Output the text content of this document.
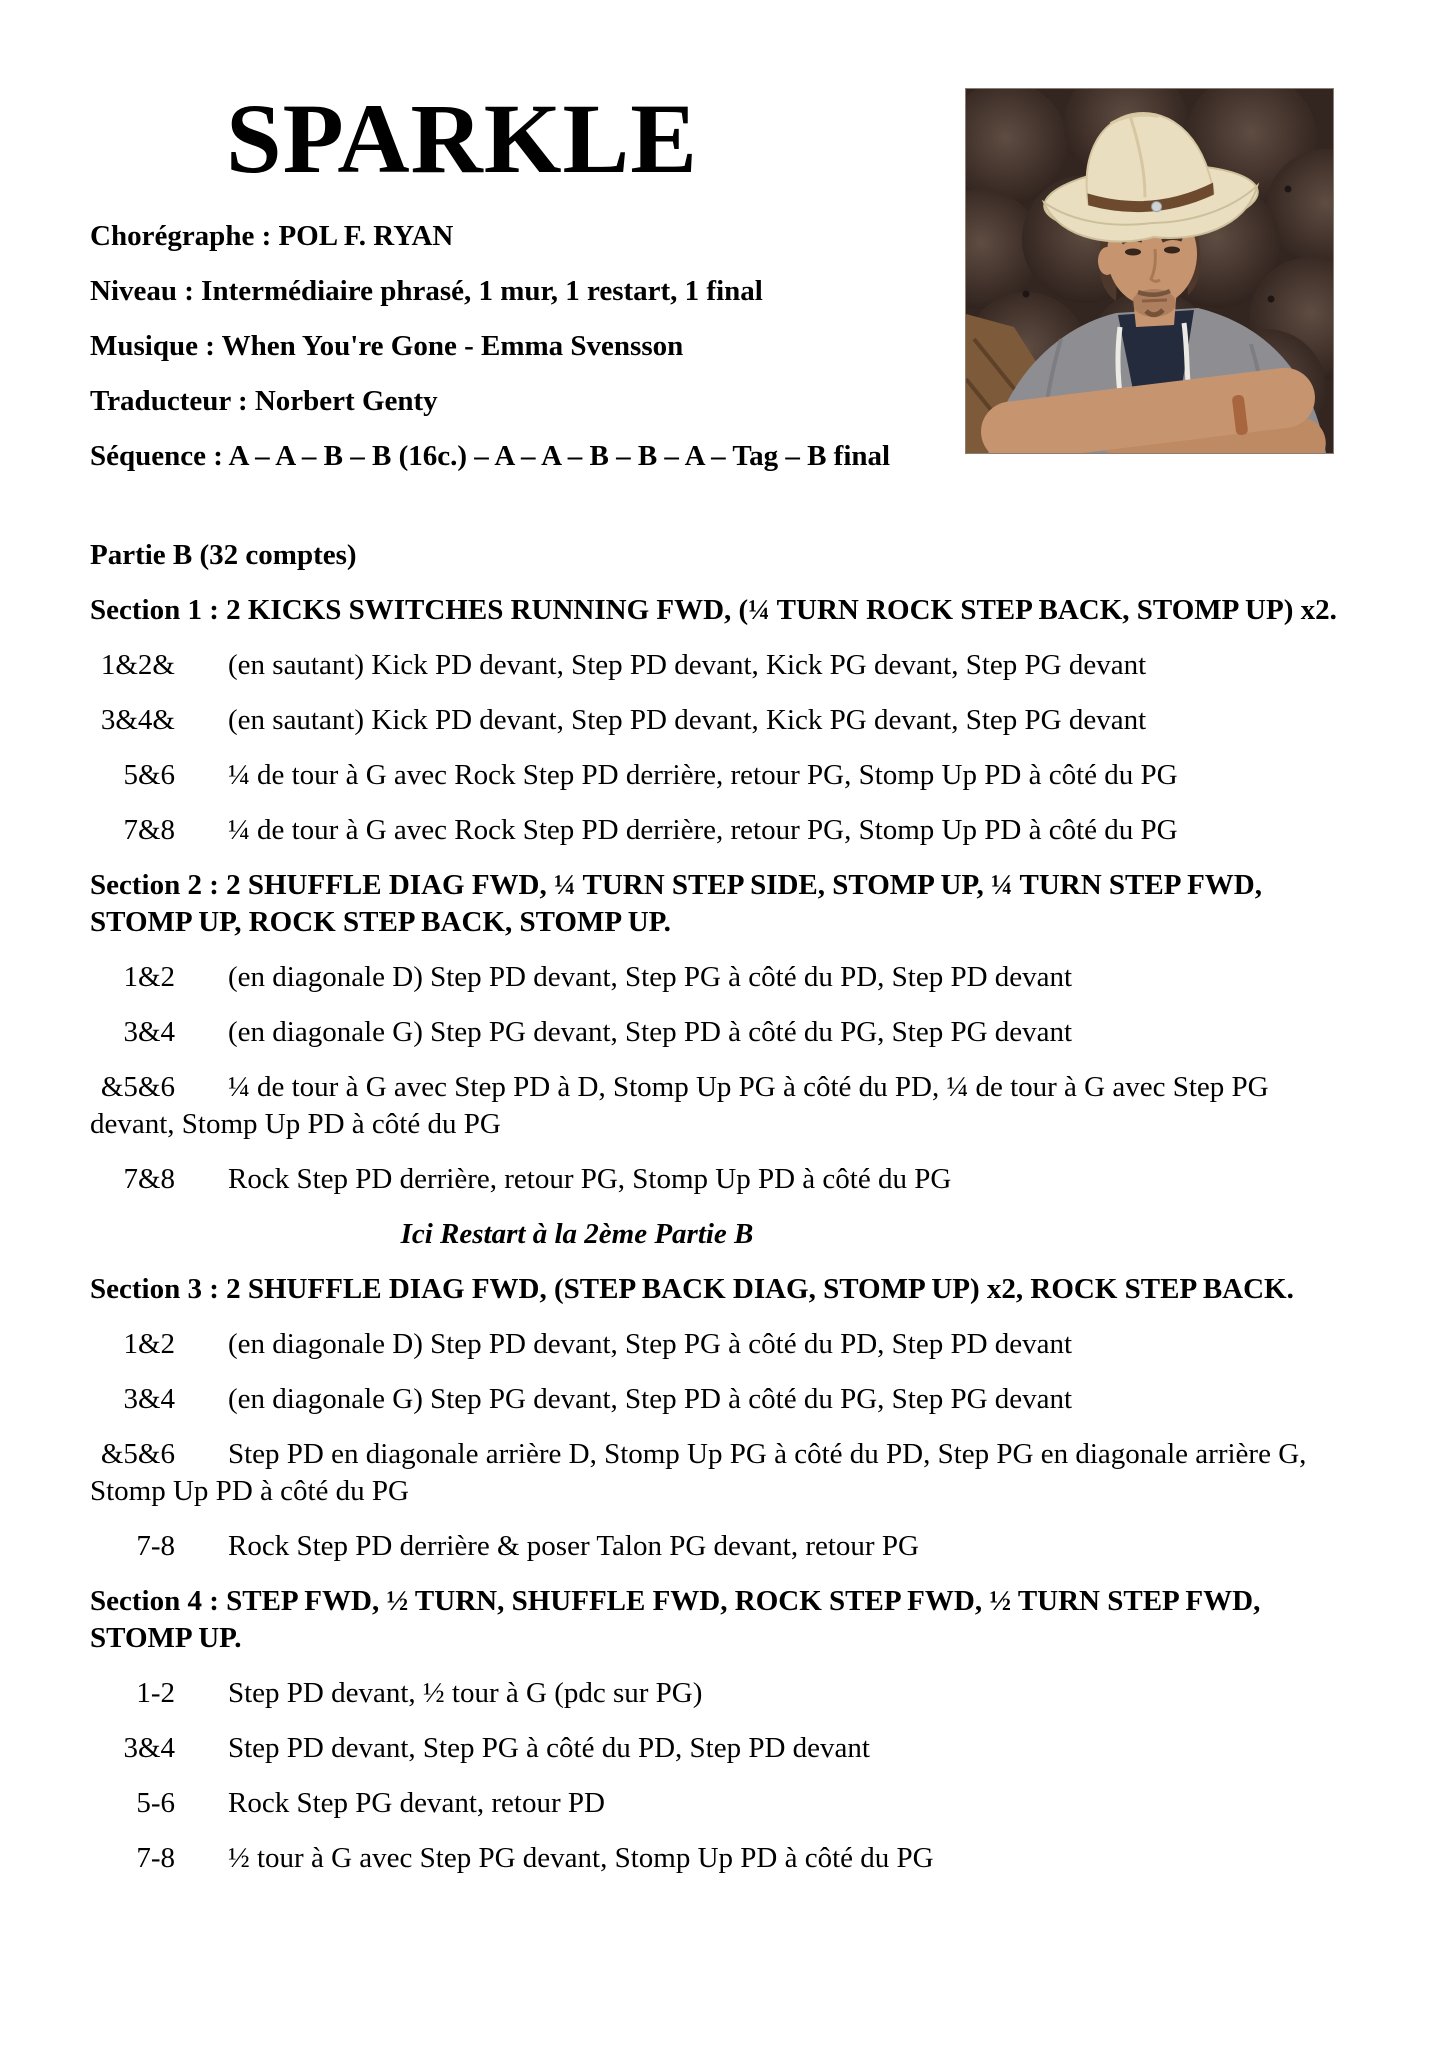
SPARKLE

Chorégraphe : POL F. RYAN

Niveau : Intermédiaire phrasé, 1 mur, 1 restart, 1 final

Musique : When You're Gone - Emma Svensson

Traducteur : Norbert Genty

Séquence : A – A – B – B (16c.) – A – A – B – B – A – Tag – B final

Partie B (32 comptes)

Section 1 : 2 KICKS SWITCHES RUNNING FWD, (¼ TURN ROCK STEP BACK, STOMP UP) x2.

1&2& (en sautant) Kick PD devant, Step PD devant, Kick PG devant, Step PG devant

3&4& (en sautant) Kick PD devant, Step PD devant, Kick PG devant, Step PG devant

5&6 ¼ de tour à G avec Rock Step PD derrière, retour PG, Stomp Up PD à côté du PG

7&8 ¼ de tour à G avec Rock Step PD derrière, retour PG, Stomp Up PD à côté du PG

Section 2 : 2 SHUFFLE DIAG FWD, ¼ TURN STEP SIDE, STOMP UP, ¼ TURN STEP FWD, STOMP UP, ROCK STEP BACK, STOMP UP.

1&2 (en diagonale D) Step PD devant, Step PG à côté du PD, Step PD devant

3&4 (en diagonale G) Step PG devant, Step PD à côté du PG, Step PG devant

&5&6 ¼ de tour à G avec Step PD à D, Stomp Up PG à côté du PD, ¼ de tour à G avec Step PG devant, Stomp Up PD à côté du PG

7&8 Rock Step PD derrière, retour PG, Stomp Up PD à côté du PG

Ici Restart à la 2ème Partie B

Section 3 : 2 SHUFFLE DIAG FWD, (STEP BACK DIAG, STOMP UP) x2, ROCK STEP BACK.

1&2 (en diagonale D) Step PD devant, Step PG à côté du PD, Step PD devant

3&4 (en diagonale G) Step PG devant, Step PD à côté du PG, Step PG devant

&5&6 Step PD en diagonale arrière D, Stomp Up PG à côté du PD, Step PG en diagonale arrière G, Stomp Up PD à côté du PG

7-8 Rock Step PD derrière & poser Talon PG devant, retour PG

Section 4 : STEP FWD, ½ TURN, SHUFFLE FWD, ROCK STEP FWD, ½ TURN STEP FWD, STOMP UP.

1-2 Step PD devant, ½ tour à G (pdc sur PG)

3&4 Step PD devant, Step PG à côté du PD, Step PD devant

5-6 Rock Step PG devant, retour PD

7-8 ½ tour à G avec Step PG devant, Stomp Up PD à côté du PG
